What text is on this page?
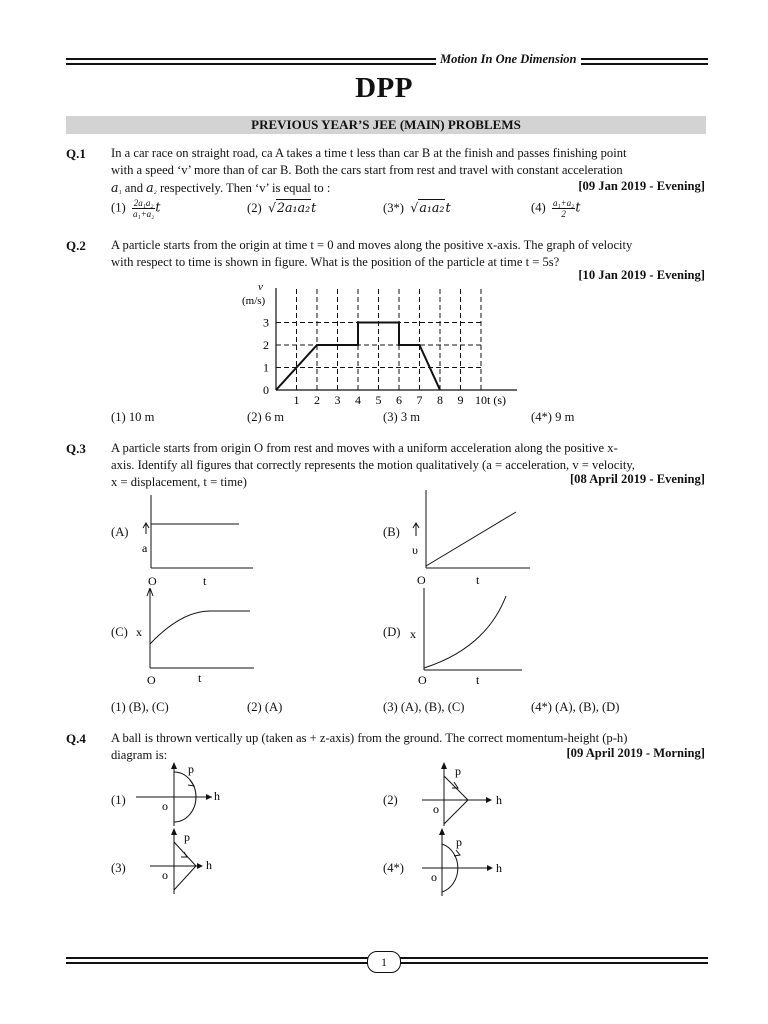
Motion In One Dimension
DPP
PREVIOUS YEAR’S JEE (MAIN) PROBLEMS
Q.1 In a car race on straight road, ca A takes a time t less than car B at the finish and passes finishing point
with a speed ‘v’ more than of car B. Both the cars start from rest and travel with constant acceleration
a₁ and a₂ respectively. Then ‘v’ is equal to :	[09 Jan 2019 - Evening]
$(1) \frac{\text{2a₁a₂}}{\text{a₁+a₂}}$ t	(2) √2a₁a₂t	(3*) √a₁a₂t	$(4) \frac{\text{a₁+a₂}}{2}$ t
Q.2 A particle starts from the origin at time t = 0 and moves along the positive x-axis. The graph of velocity
with respect to time is shown in figure. What is the position of the particle at time t = 5s?
[10 Jan 2019 - Evening]
1 2 3 4 5 6 7 8 9 10 t (s)
0
1
2
3
v
(m/s)
(1) 10 m	(2) 6 m	(3) 3 m	(4*) 9 m
Q.3 A particle starts from origin O from rest and moves with a uniform acceleration along the positive x-
axis. Identify all figures that correctly represents the motion qualitatively (a = acceleration, v = velocity,
x = displacement, t = time)	[08 April 2019 - Evening]
(A)
a
O	t
(B)
υ
O	t
(C) x
O	t
(D) x
O	t
(1) (B), (C)	(2) (A)	(3) (A), (B), (C)	(4*) (A), (B), (D)
Q.4 A ball is thrown vertically up (taken as + z-axis) from the ground. The correct momentum-height (p-h)
diagram is:	[09 April 2019 - Morning]
(1)
p
h
o	(2)
p
h
o
(3)
p
h
o	(4*)
p
h
o
1
